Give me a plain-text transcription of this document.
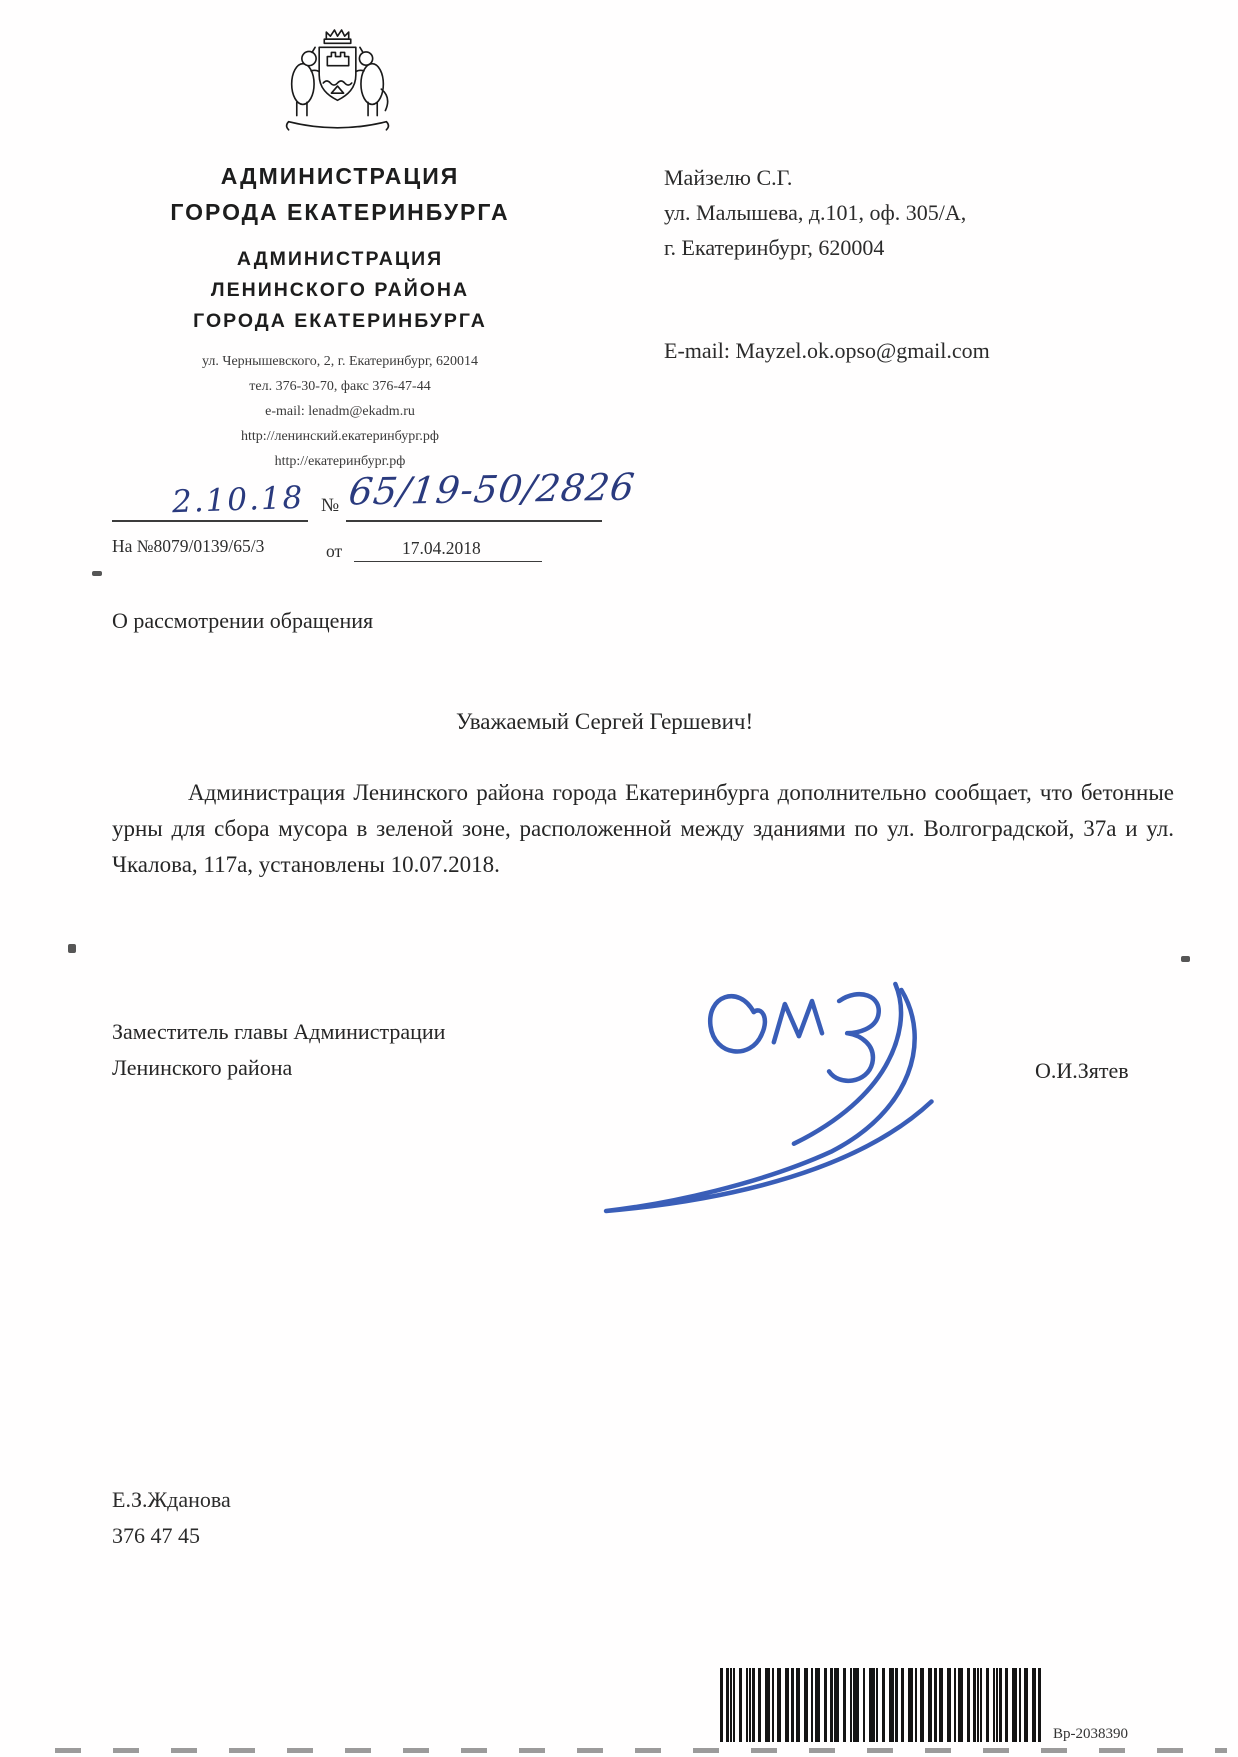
АДМИНИСТРАЦИЯ
ГОРОДА ЕКАТЕРИНБУРГА
АДМИНИСТРАЦИЯ
ЛЕНИНСКОГО РАЙОНА
ГОРОДА ЕКАТЕРИНБУРГА
ул. Чернышевского, 2, г. Екатеринбург, 620014
тел. 376-30-70, факс 376-47-44
e-mail: lenadm@ekadm.ru
http://ленинский.екатеринбург.рф
http://екатеринбург.рф
Майзелю С.Г.
ул. Малышева, д.101, оф. 305/А,
г. Екатеринбург, 620004
E-mail: Mayzel.ok.opso@gmail.com
2.10.18 № 65/19-50/2826
На №8079/0139/65/3	от	17.04.2018
О рассмотрении обращения
Уважаемый Сергей Гершевич!

Администрация Ленинского района города Екатеринбурга дополнительно сообщает, что бетонные урны для сбора мусора в зеленой зоне, расположенной между зданиями по ул. Волгоградской, 37а и ул. Чкалова, 117а, установлены 10.07.2018.

Заместитель главы Администрации
Ленинского района	О.И.Зятев
Е.З.Жданова
376 47 45
Вр-2038390
